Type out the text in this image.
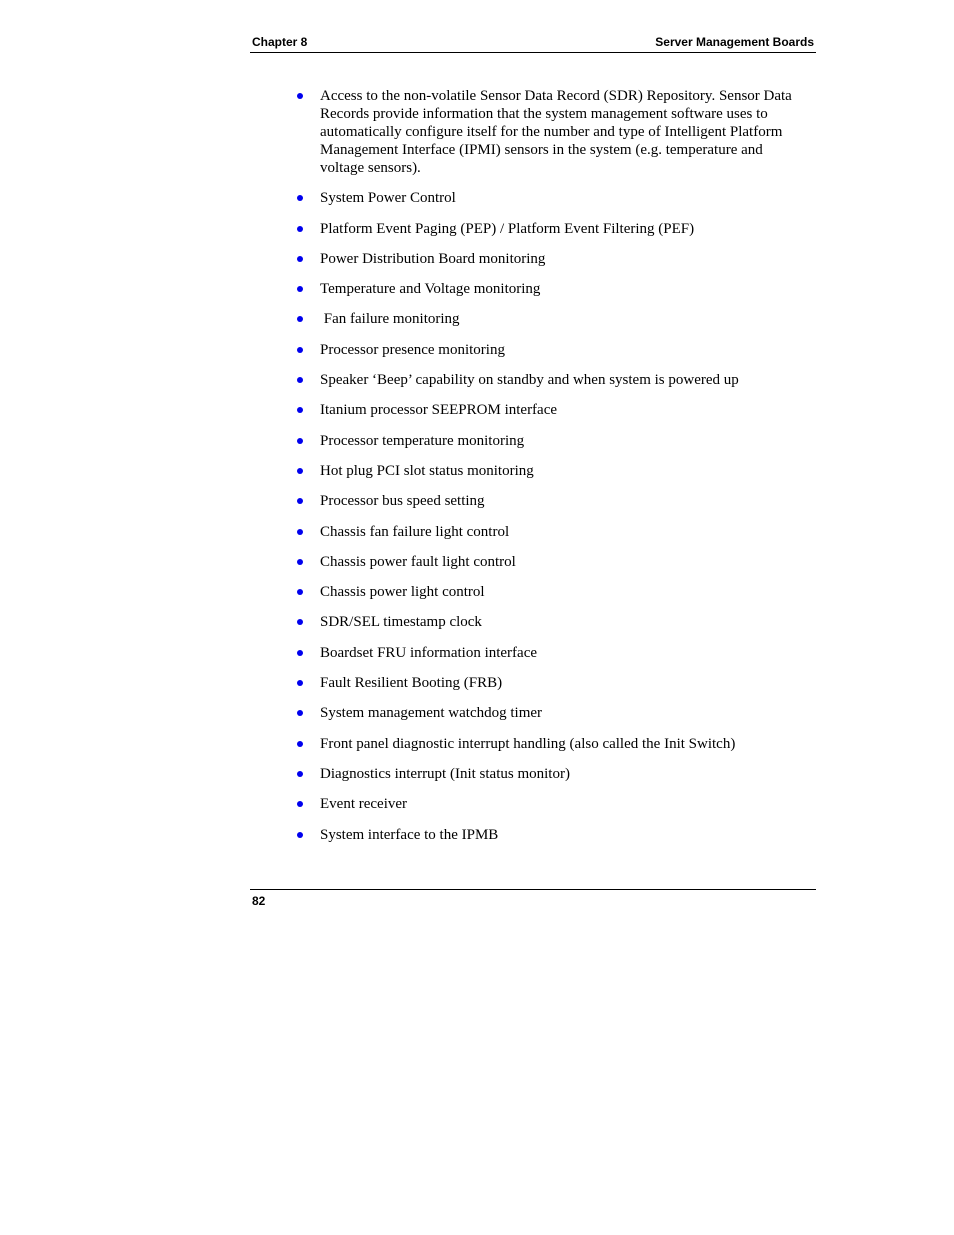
Chapter 8	Server Management Boards
Access to the non-volatile Sensor Data Record (SDR) Repository. Sensor Data Records provide information that the system management software uses to automatically configure itself for the number and type of Intelligent Platform Management Interface (IPMI) sensors in the system (e.g. temperature and voltage sensors).
System Power Control
Platform Event Paging (PEP) / Platform Event Filtering (PEF)
Power Distribution Board monitoring
Temperature and Voltage monitoring
Fan failure monitoring
Processor presence monitoring
Speaker ‘Beep’ capability on standby and when system is powered up
Itanium processor SEEPROM interface
Processor temperature monitoring
Hot plug PCI slot status monitoring
Processor bus speed setting
Chassis fan failure light control
Chassis power fault light control
Chassis power light control
SDR/SEL timestamp clock
Boardset FRU information interface
Fault Resilient Booting (FRB)
System management watchdog timer
Front panel diagnostic interrupt handling (also called the Init Switch)
Diagnostics interrupt (Init status monitor)
Event receiver
System interface to the IPMB
82
